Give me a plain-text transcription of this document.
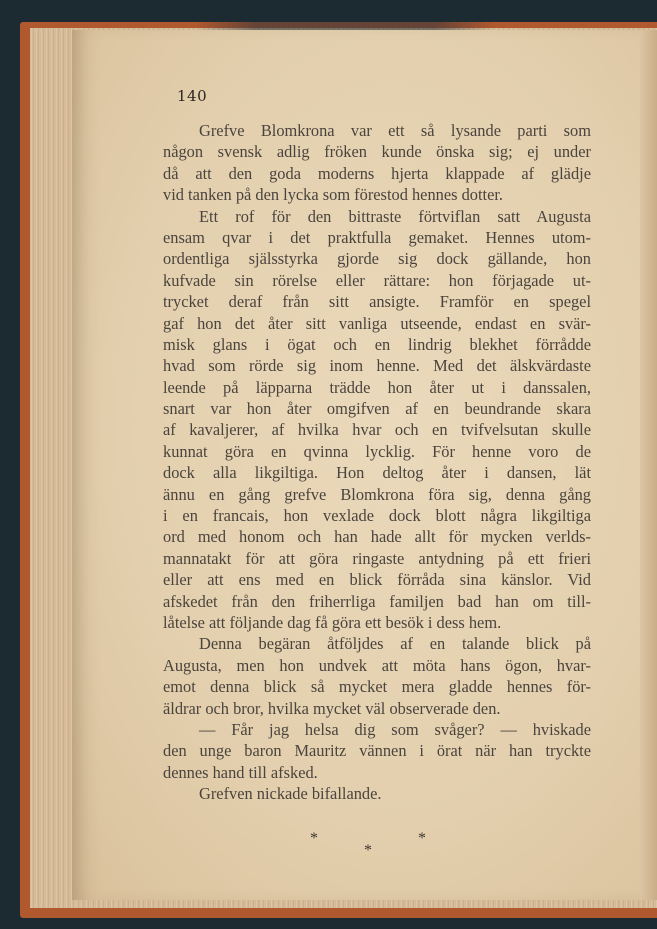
140
Grefve Blomkrona var ett så lysande parti som
någon svensk adlig fröken kunde önska sig; ej under
då att den goda moderns hjerta klappade af glädje
vid tanken på den lycka som förestod hennes dotter.
Ett rof för den bittraste förtviflan satt Augusta
ensam qvar i det praktfulla gemaket. Hennes utom-
ordentliga själsstyrka gjorde sig dock gällande, hon
kufvade sin rörelse eller rättare: hon förjagade ut-
trycket deraf från sitt ansigte. Framför en spegel
gaf hon det åter sitt vanliga utseende, endast en svär-
misk glans i ögat och en lindrig blekhet förrådde
hvad som rörde sig inom henne. Med det älskvärdaste
leende på läpparna trädde hon åter ut i danssalen,
snart var hon åter omgifven af en beundrande skara
af kavaljerer, af hvilka hvar och en tvifvelsutan skulle
kunnat göra en qvinna lycklig. För henne voro de
dock alla likgiltiga. Hon deltog åter i dansen, lät
ännu en gång grefve Blomkrona föra sig, denna gång
i en francais, hon vexlade dock blott några likgiltiga
ord med honom och han hade allt för mycken verlds-
mannatakt för att göra ringaste antydning på ett frieri
eller att ens med en blick förråda sina känslor. Vid
afskedet från den friherrliga familjen bad han om till-
låtelse att följande dag få göra ett besök i dess hem.
Denna begäran åtföljdes af en talande blick på
Augusta, men hon undvek att möta hans ögon, hvar-
emot denna blick så mycket mera gladde hennes för-
äldrar och bror, hvilka mycket väl observerade den.
— Får jag helsa dig som svåger? — hviskade
den unge baron Mauritz vännen i örat när han tryckte
dennes hand till afsked.
Grefven nickade bifallande.
*	*
*
